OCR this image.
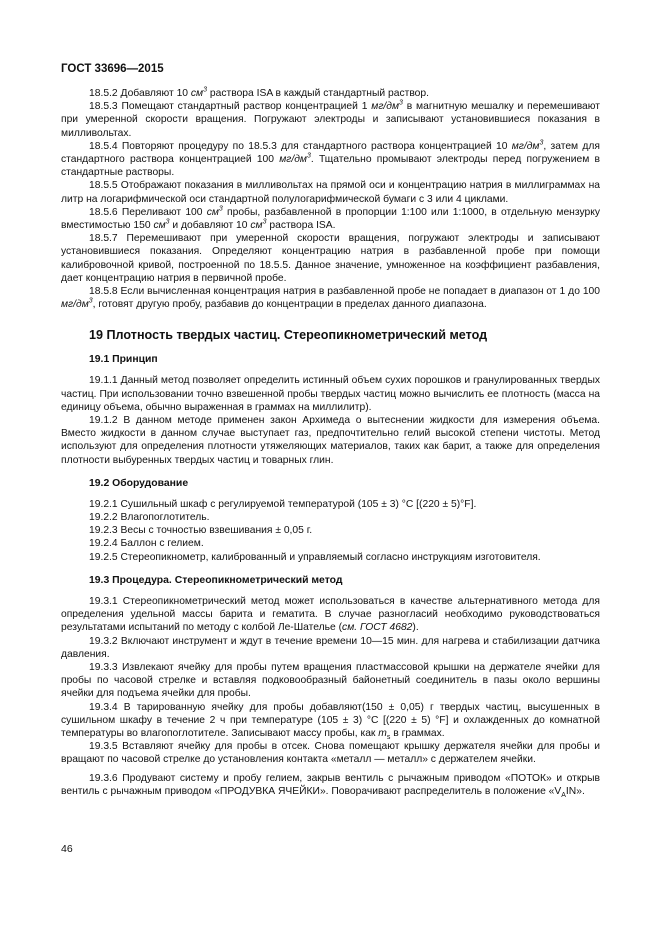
ГОСТ 33696—2015

18.5.2 Добавляют 10 $см^3$ раствора ISA в каждый стандартный раствор.

18.5.3 Помещают стандартный раствор концентрацией 1 $мг/дм^3$ в магнитную мешалку и перемешивают при умеренной скорости вращения. Погружают электроды и записывают установившиеся показания в милливольтах.

18.5.4 Повторяют процедуру по 18.5.3 для стандартного раствора концентрацией 10 $мг/дм^3$, затем для стандартного раствора концентрацией 100 $мг/дм^3$. Тщательно промывают электроды перед погружением в стандартные растворы.

18.5.5 Отображают показания в милливольтах на прямой оси и концентрацию натрия в миллиграммах на литр на логарифмической оси стандартной полулогарифмической бумаги с 3 или 4 циклами.

18.5.6 Переливают 100 $см^3$ пробы, разбавленной в пропорции 1:100 или 1:1000, в отдельную мензурку вместимостью 150 $см^3$ и добавляют 10 $см^3$ раствора ISA.

18.5.7 Перемешивают при умеренной скорости вращения, погружают электроды и записывают установившиеся показания. Определяют концентрацию натрия в разбавленной пробе при помощи калибровочной кривой, построенной по 18.5.5. Данное значение, умноженное на коэффициент разбавления, дает концентрацию натрия в первичной пробе.

18.5.8 Если вычисленная концентрация натрия в разбавленной пробе не попадает в диапазон от 1 до 100 $мг/дм^3$, готовят другую пробу, разбавив до концентрации в пределах данного диапазона.

19 Плотность твердых частиц. Стереопикнометрический метод
19.1 Принцип

19.1.1 Данный метод позволяет определить истинный объем сухих порошков и гранулированных твердых частиц. При использовании точно взвешенной пробы твердых частиц можно вычислить ее плотность (масса на единицу объема, обычно выраженная в граммах на миллилитр).

19.1.2 В данном методе применен закон Архимеда о вытеснении жидкости для измерения объема. Вместо жидкости в данном случае выступает газ, предпочтительно гелий высокой степени чистоты. Метод используют для определения плотности утяжеляющих материалов, таких как барит, а также для определения плотности выбуренных твердых частиц и товарных глин.

19.2 Оборудование

19.2.1 Сушильный шкаф с регулируемой температурой (105 ± 3) °С [(220 ± 5)°F].

19.2.2 Влагопоглотитель.

19.2.3 Весы с точностью взвешивания ± 0,05 г.

19.2.4 Баллон с гелием.

19.2.5 Стереопикнометр, калиброванный и управляемый согласно инструкциям изготовителя.

19.3 Процедура. Стереопикнометрический метод

19.3.1 Стереопикнометрический метод может использоваться в качестве альтернативного метода для определения удельной массы барита и гематита. В случае разногласий необходимо руководствоваться результатами испытаний по методу с колбой Ле-Шателье (см. ГОСТ 4682).

19.3.2 Включают инструмент и ждут в течение времени 10—15 мин. для нагрева и стабилизации датчика давления.

19.3.3 Извлекают ячейку для пробы путем вращения пластмассовой крышки на держателе ячейки для пробы по часовой стрелке и вставляя подковообразный байонетный соединитель в пазы около вершины ячейки для подъема ячейки для пробы.

19.3.4 В тарированную ячейку для пробы добавляют(150 ± 0,05) г твердых частиц, высушенных в сушильном шкафу в течение 2 ч при температуре (105 ± 3) °С [(220 ± 5) °F] и охлажденных до комнатной температуры во влагопоглотителе. Записывают массу пробы, как $m_s$ в граммах.

19.3.5 Вставляют ячейку для пробы в отсек. Снова помещают крышку держателя ячейки для пробы и вращают по часовой стрелке до установления контакта «металл — металл» с держателем ячейки.

19.3.6 Продувают систему и пробу гелием, закрыв вентиль с рычажным приводом «ПОТОК» и открыв вентиль с рычажным приводом «ПРОДУВКА ЯЧЕЙКИ». Поворачивают распределитель в положение «$V_AIN$».

46
